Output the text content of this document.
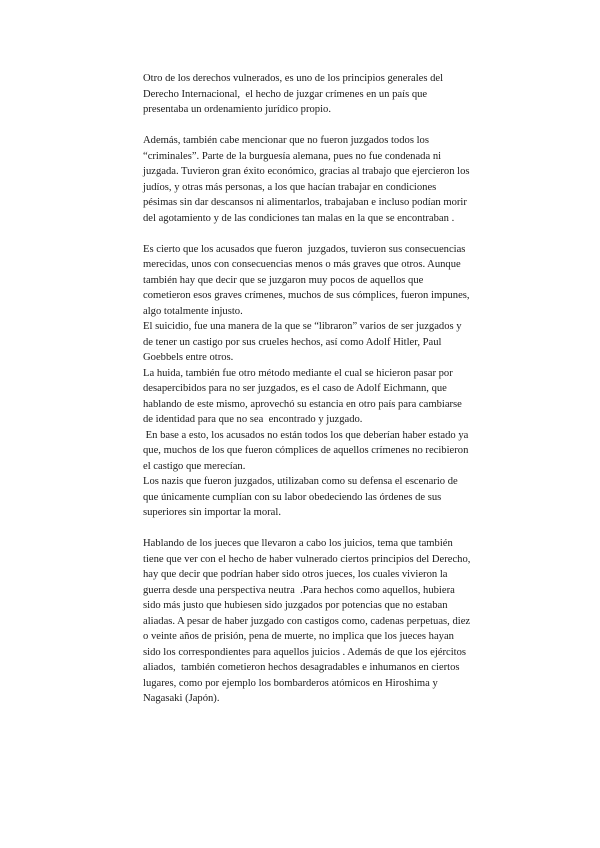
Otro de los derechos vulnerados, es uno de los principios generales del
Derecho Internacional,  el hecho de juzgar crímenes en un país que
presentaba un ordenamiento jurídico propio.
Además, también cabe mencionar que no fueron juzgados todos los
“criminales”. Parte de la burguesía alemana, pues no fue condenada ni
juzgada. Tuvieron gran éxito económico, gracias al trabajo que ejercieron los
judíos, y otras más personas, a los que hacían trabajar en condiciones
pésimas sin dar descansos ni alimentarlos, trabajaban e incluso podían morir
del agotamiento y de las condiciones tan malas en la que se encontraban .
Es cierto que los acusados que fueron  juzgados, tuvieron sus consecuencias
merecidas, unos con consecuencias menos o más graves que otros. Aunque
también hay que decir que se juzgaron muy pocos de aquellos que
cometieron esos graves crímenes, muchos de sus cómplices, fueron impunes,
algo totalmente injusto.
El suicidio, fue una manera de la que se “libraron” varios de ser juzgados y
de tener un castigo por sus crueles hechos, así como Adolf Hitler, Paul
Goebbels entre otros.
La huida, también fue otro método mediante el cual se hicieron pasar por
desapercibidos para no ser juzgados, es el caso de Adolf Eichmann, que
hablando de este mismo, aprovechó su estancia en otro país para cambiarse
de identidad para que no sea  encontrado y juzgado.
En base a esto, los acusados no están todos los que deberían haber estado ya
que, muchos de los que fueron cómplices de aquellos crímenes no recibieron
el castigo que merecían.
Los nazis que fueron juzgados, utilizaban como su defensa el escenario de
que únicamente cumplían con su labor obedeciendo las órdenes de sus
superiores sin importar la moral.
Hablando de los jueces que llevaron a cabo los juicios, tema que también
tiene que ver con el hecho de haber vulnerado ciertos principios del Derecho,
hay que decir que podrían haber sido otros jueces, los cuales vivieron la
guerra desde una perspectiva neutra  .Para hechos como aquellos, hubiera
sido más justo que hubiesen sido juzgados por potencias que no estaban
aliadas. A pesar de haber juzgado con castigos como, cadenas perpetuas, diez
o veinte años de prisión, pena de muerte, no implica que los jueces hayan
sido los correspondientes para aquellos juicios . Además de que los ejércitos
aliados,  también cometieron hechos desagradables e inhumanos en ciertos
lugares, como por ejemplo los bombarderos atómicos en Hiroshima y
Nagasaki (Japón).
